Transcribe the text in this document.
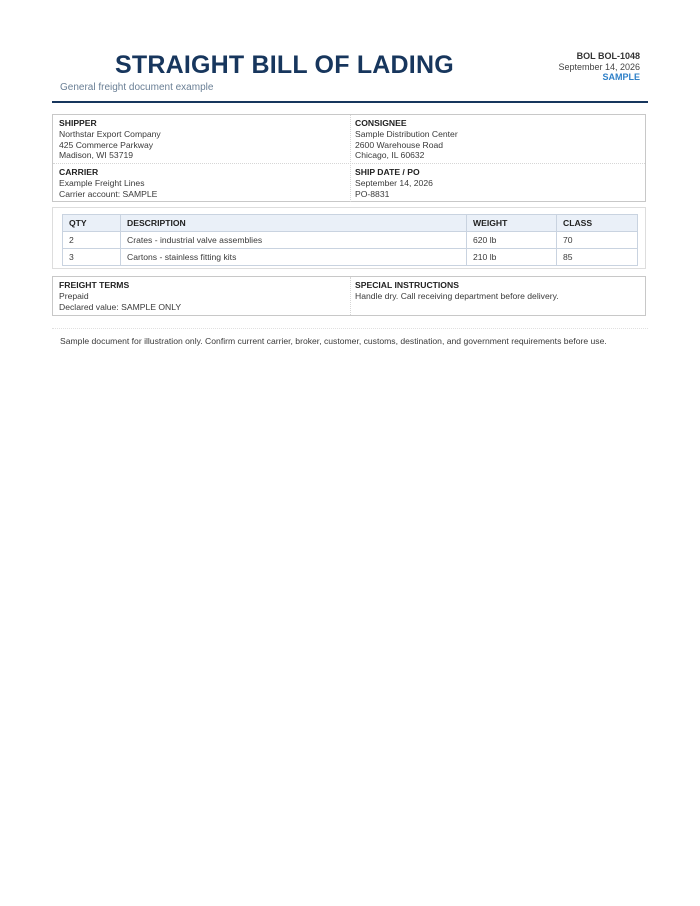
STRAIGHT BILL OF LADING
General freight document example
BOL BOL-1048
September 14, 2026
SAMPLE
SHIPPER
Northstar Export Company
425 Commerce Parkway
Madison, WI 53719
CONSIGNEE
Sample Distribution Center
2600 Warehouse Road
Chicago, IL 60632
CARRIER
Example Freight Lines
Carrier account: SAMPLE
SHIP DATE / PO
September 14, 2026
PO-8831
QTY	DESCRIPTION	WEIGHT	CLASS
2	Crates - industrial valve assemblies	620 lb	70
3	Cartons - stainless fitting kits	210 lb	85
FREIGHT TERMS
Prepaid
Declared value: SAMPLE ONLY
SPECIAL INSTRUCTIONS
Handle dry. Call receiving department before delivery.
Sample document for illustration only. Confirm current carrier, broker, customer, customs, destination, and government requirements before use.
